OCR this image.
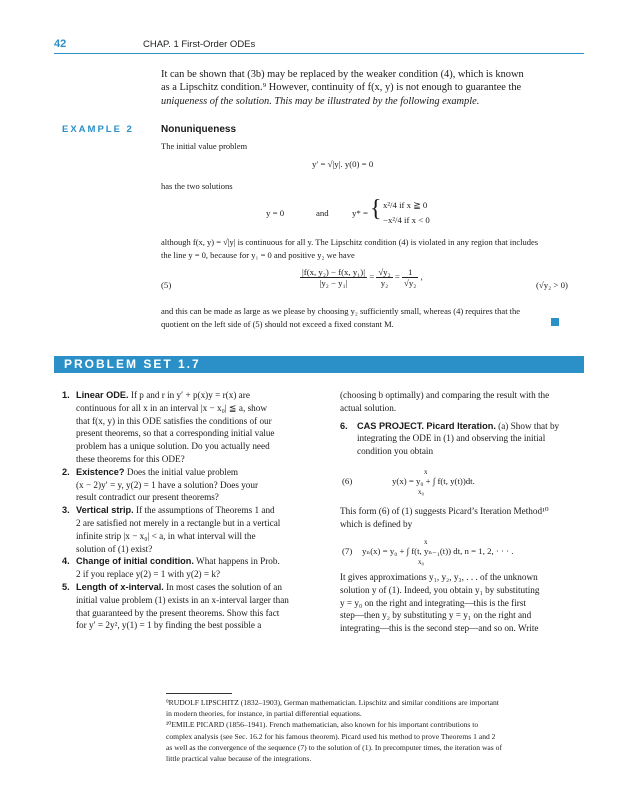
42	CHAP. 1 First-Order ODEs
It can be shown that (3b) may be replaced by the weaker condition (4), which is known
as a Lipschitz condition.⁹ However, continuity of f(x, y) is not enough to guarantee the
uniqueness of the solution. This may be illustrated by the following example.
EXAMPLE 2	Nonuniqueness
The initial value problem
y′ = √|y|. y(0) = 0
has the two solutions
y = 0	and	y* = { x²/4 if x ≧ 0
−x²/4 if x < 0
although f(x, y) = √|y| is continuous for all y. The Lipschitz condition (4) is violated in any region that includes
the line y = 0, because for y₁ = 0 and positive y₂ we have
(5)	$\frac{\text{|f(x, y₂) − f(x, y₁)|}}{\text{|y₂ − y₁|}} = \frac{\text{√y₂}}{\text{y₂}} = \frac{1}{\text{√y₂}}$ ,
(√y₂ > 0)
and this can be made as large as we please by choosing y₂ sufficiently small, whereas (4) requires that the
quotient on the left side of (5) should not exceed a fixed constant M.
PROBLEM SET 1.7
1. Linear ODE. If p and r in y′ + p(x)y = r(x) are
continuous for all x in an interval |x − x₀| ≦ a, show
that f(x, y) in this ODE satisfies the conditions of our
present theorems, so that a corresponding initial value
problem has a unique solution. Do you actually need
these theorems for this ODE?
2. Existence? Does the initial value problem
(x − 2)y′ = y, y(2) = 1 have a solution? Does your
result contradict our present theorems?
3. Vertical strip. If the assumptions of Theorems 1 and
2 are satisfied not merely in a rectangle but in a vertical
infinite strip |x − x₀| < a, in what interval will the
solution of (1) exist?
4. Change of initial condition. What happens in Prob.
2 if you replace y(2) = 1 with y(2) = k?
5. Length of x-interval. In most cases the solution of an
initial value problem (1) exists in an x-interval larger than
that guaranteed by the present theorems. Show this fact
for y′ = 2y², y(1) = 1 by finding the best possible a
(choosing b optimally) and comparing the result with the
actual solution.
6. CAS PROJECT. Picard Iteration. (a) Show that by
integrating the ODE in (1) and observing the initial
condition you obtain
(6)
x
x₀
y(x) = y₀ + ∫ f(t, y(t))dt.
This form (6) of (1) suggests Picard’s Iteration Method¹⁰
which is defined by
(7) yₙ(x) = y₀ + ∫ f(t, yₙ₋₁(t)) dt, n = 1, 2, · · · .
x
x₀
It gives approximations y₁, y₂, y₃, . . . of the unknown
solution y of (1). Indeed, you obtain y₁ by substituting
y = y₀ on the right and integrating—this is the first
step—then y₂ by substituting y = y₁ on the right and
integrating—this is the second step—and so on. Write
⁹RUDOLF LIPSCHITZ (1832–1903), German mathematician. Lipschitz and similar conditions are important
in modern theories, for instance, in partial differential equations.
¹⁰EMILE PICARD (1856–1941). French mathematician, also known for his important contributions to
complex analysis (see Sec. 16.2 for his famous theorem). Picard used his method to prove Theorems 1 and 2
as well as the convergence of the sequence (7) to the solution of (1). In precomputer times, the iteration was of
little practical value because of the integrations.
